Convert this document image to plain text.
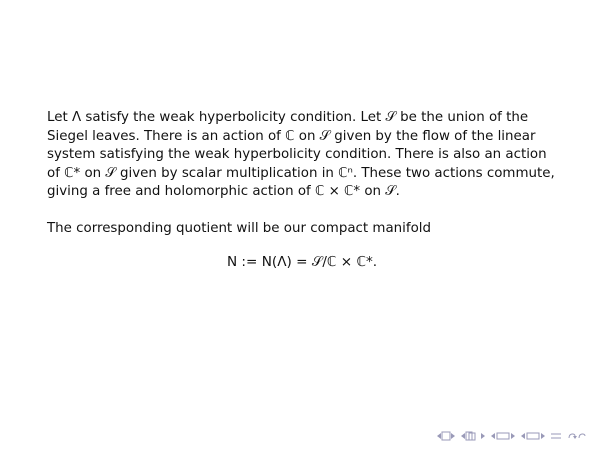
Let Λ satisfy the weak hyperbolicity condition. Let 𝒮 be the union of the Siegel leaves. There is an action of ℂ on 𝒮 given by the flow of the linear system satisfying the weak hyperbolicity condition. There is also an action of ℂ* on 𝒮 given by scalar multiplication in ℂⁿ. These two actions commute, giving a free and holomorphic action of ℂ × ℂ* on 𝒮.

The corresponding quotient will be our compact manifold

N := N(Λ) = 𝒮/ℂ × ℂ*.
